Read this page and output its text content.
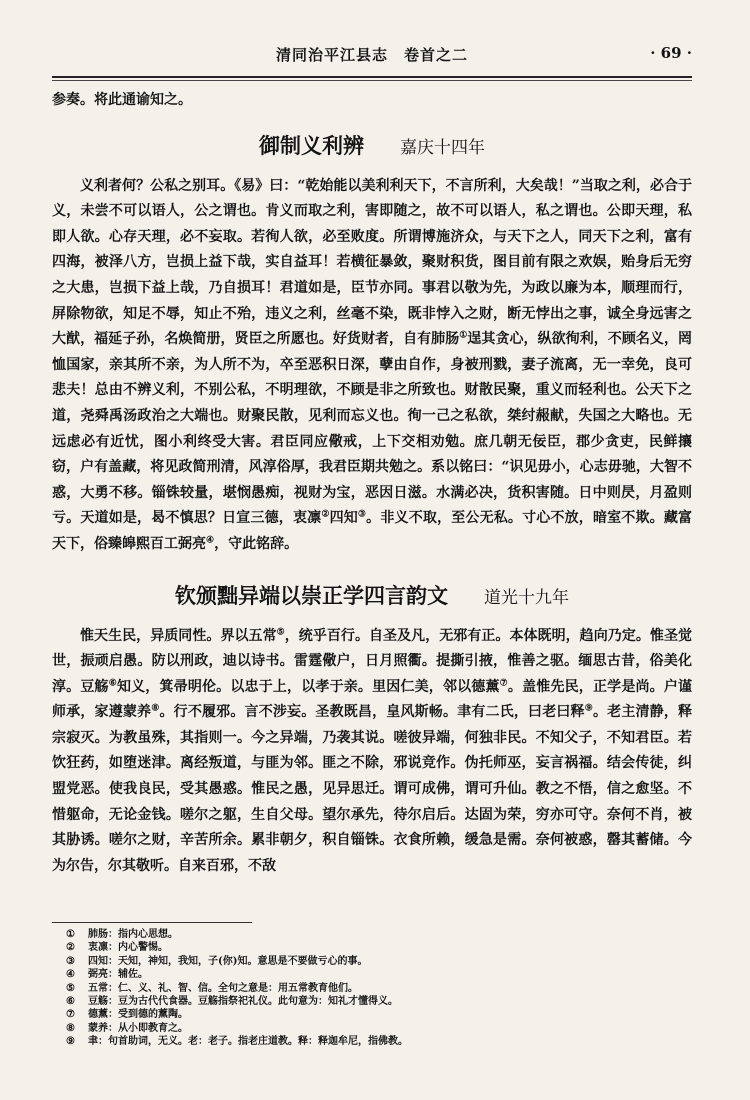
清同治平江县志　卷首之二	· 69 ·

参奏。将此通谕知之。

御制义利辨 嘉庆十四年

义利者何？公私之别耳。《易》曰：“乾始能以美利利天下，不言所利，大矣哉！”当取之利，必合于义，未尝不可以语人，公之谓也。肯义而取之利，害即随之，故不可以语人，私之谓也。公即天理，私即人欲。心存天理，必不妄取。若徇人欲，必至败度。所谓博施济众，与天下之人，同天下之利，富有四海，被泽八方，岂损上益下哉，实自益耳！若横征暴敛，聚财积货，图目前有限之欢娱，贻身后无穷之大患，岂损下益上哉，乃自损耳！君道如是，臣节亦同。事君以敬为先，为政以廉为本，顺理而行，屏除物欲，知足不辱，知止不殆，违义之利，丝毫不染，既非悖入之财，断无悖出之事，诚全身远害之大猷，福延子孙，名焕简册，贤臣之所愿也。好货财者，自有肺肠①逞其贪心，纵欲徇利，不顾名义，罔恤国家，亲其所不亲，为人所不为，卒至恶积日深，孽由自作，身被刑戮，妻子流离，无一幸免，良可悲夫！总由不辨义利，不别公私，不明理欲，不顾是非之所致也。财散民聚，重义而轻利也。公天下之道，尧舜禹汤政治之大端也。财聚民散，见利而忘义也。徇一己之私欲，桀纣赧献，失国之大略也。无远虑必有近忧，图小利终受大害。君臣同应儆戒，上下交相劝勉。庶几朝无佞臣，郡少贪吏，民鲜攘窃，户有盖藏，将见政简刑清，风淳俗厚，我君臣期共勉之。系以铭曰：“识见毋小，心志毋驰，大智不惑，大勇不移。锱铢较量，堪悯愚痴，视财为宝，恶因日滋。水满必决，货积害随。日中则昃，月盈则亏。天道如是，曷不慎思？日宣三德，衷凛②四知③。非义不取，至公无私。寸心不放，暗室不欺。藏富天下，俗臻皞熙百工弼亮④，守此铭辞。

钦颁黜异端以崇正学四言韵文 道光十九年

惟天生民，异质同性。界以五常⑤，统乎百行。自圣及凡，无邪有正。本体既明，趋向乃定。惟圣觉世，振顽启愚。防以刑政，迪以诗书。雷霆儆户，日月照衢。提撕引掖，惟善之驱。缅思古昔，俗美化淳。豆觞⑥知义，箕帚明伦。以忠于上，以孝于亲。里因仁美，邻以德薰⑦。盖惟先民，正学是尚。户谨师承，家遵蒙养⑧。行不履邪。言不涉妄。圣教既昌，皇风斯畅。聿有二氏，曰老曰释⑨。老主清静，释宗寂灭。为教虽殊，其指则一。今之异端，乃袭其说。嗟彼异端，何独非民。不知父子，不知君臣。若饮狂药，如堕迷津。离经叛道，与匪为邻。匪之不除，邪说竞作。伪托师巫，妄言祸福。结会传徒，纠盟党恶。使我良民，受其愚惑。惟民之愚，见异思迁。谓可成佛，谓可升仙。教之不悟，信之愈坚。不惜躯命，无论金钱。嗟尔之躯，生自父母。望尔承先，待尔启后。达固为荣，穷亦可守。奈何不肖，被其胁诱。嗟尔之财，辛苦所余。累非朝夕，积自锱铢。衣食所赖，缓急是需。奈何被惑，罄其蓄储。今为尔告，尔其敬听。自来百邪，不敌

① 肺肠：指内心思想。
② 衷凛：内心警惕。
③ 四知：天知，神知，我知，子(你)知。意思是不要做亏心的事。
④ 弼亮：辅佐。
⑤ 五常：仁、义、礼、智、信。全句之意是：用五常教育他们。
⑥ 豆觞：豆为古代代食器。豆觞指祭祀礼仪。此句意为：知礼才懂得义。
⑦ 德薰：受到德的薰陶。
⑧ 蒙养：从小即教育之。
⑨ 聿：句首助词，无义。老：老子。指老庄道教。释：释迦牟尼，指佛教。
